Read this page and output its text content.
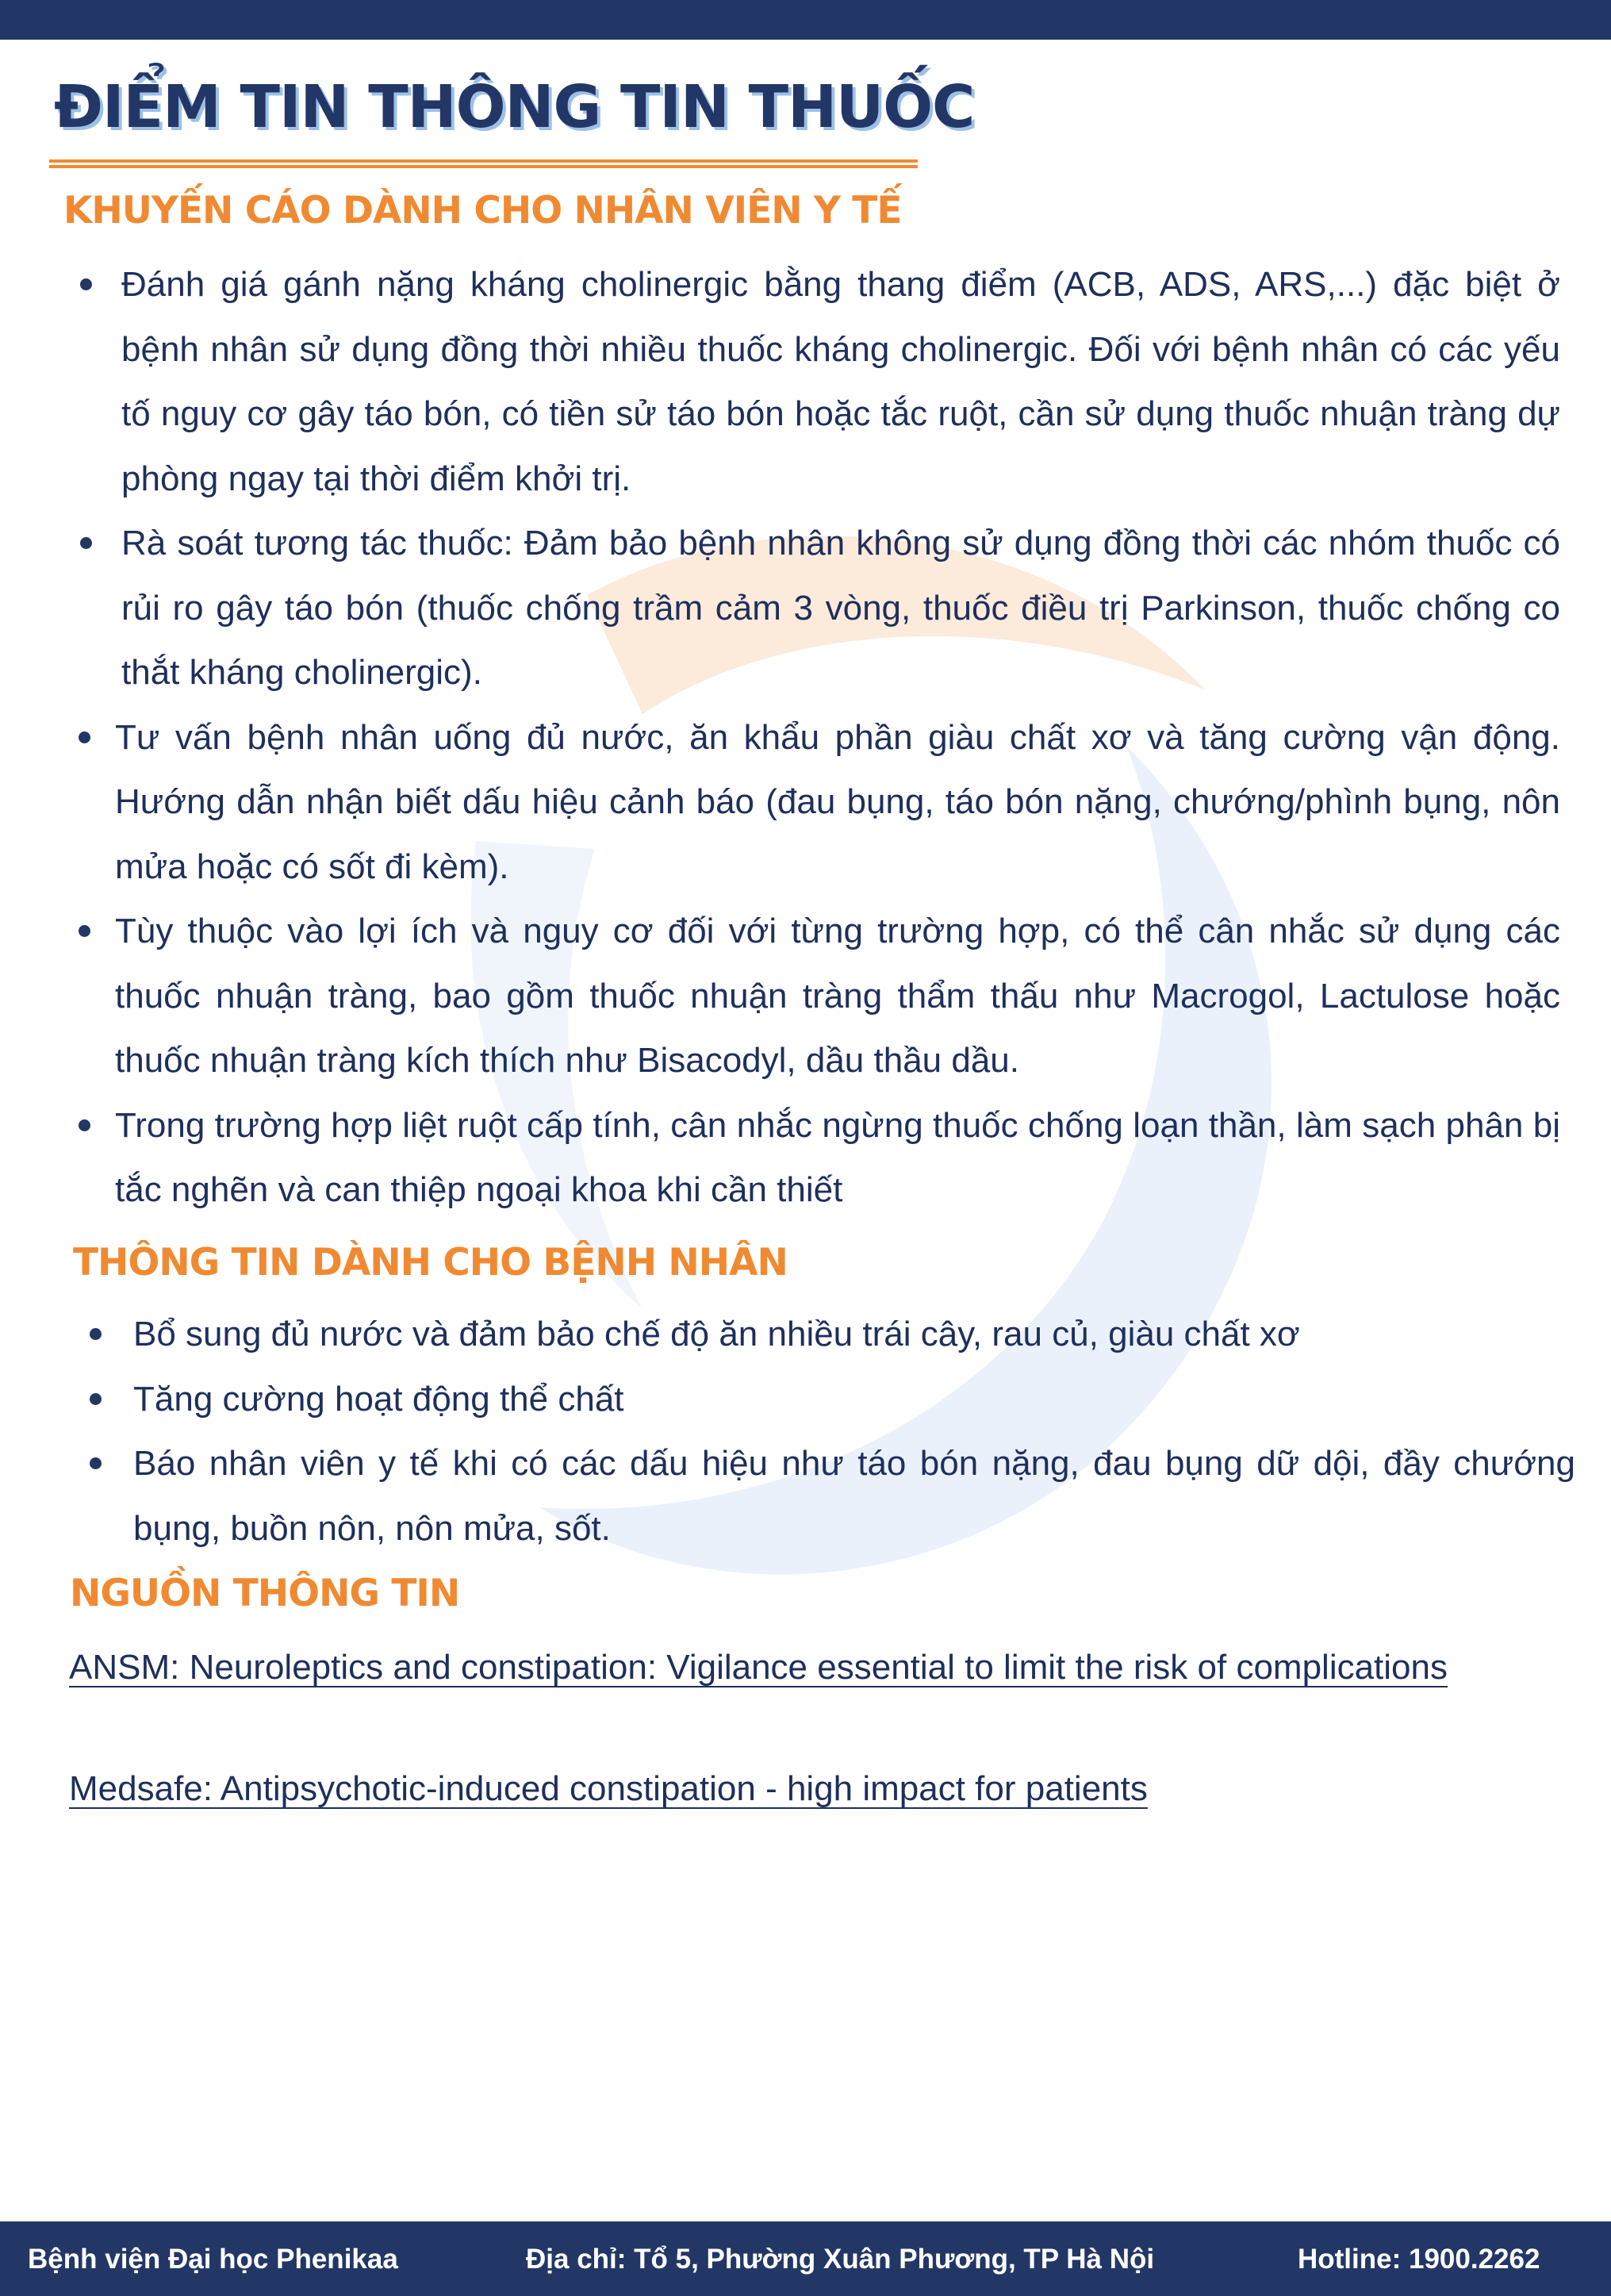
ĐIỂM TIN THÔNG TIN THUỐC
KHUYẾN CÁO DÀNH CHO NHÂN VIÊN Y TẾ
Đánh giá gánh nặng kháng cholinergic bằng thang điểm (ACB, ADS, ARS,...) đặc biệt ở bệnh nhân sử dụng đồng thời nhiều thuốc kháng cholinergic. Đối với bệnh nhân có các yếu tố nguy cơ gây táo bón, có tiền sử táo bón hoặc tắc ruột, cần sử dụng thuốc nhuận tràng dự phòng ngay tại thời điểm khởi trị.
Rà soát tương tác thuốc: Đảm bảo bệnh nhân không sử dụng đồng thời các nhóm thuốc có rủi ro gây táo bón (thuốc chống trầm cảm 3 vòng, thuốc điều trị Parkinson, thuốc chống co thắt kháng cholinergic).
Tư vấn bệnh nhân uống đủ nước, ăn khẩu phần giàu chất xơ và tăng cường vận động. Hướng dẫn nhận biết dấu hiệu cảnh báo (đau bụng, táo bón nặng, chướng/phình bụng, nôn mửa hoặc có sốt đi kèm).
Tùy thuộc vào lợi ích và nguy cơ đối với từng trường hợp, có thể cân nhắc sử dụng các thuốc nhuận tràng, bao gồm thuốc nhuận tràng thẩm thấu như Macrogol, Lactulose hoặc thuốc nhuận tràng kích thích như Bisacodyl, dầu thầu dầu.
Trong trường hợp liệt ruột cấp tính, cân nhắc ngừng thuốc chống loạn thần, làm sạch phân bị tắc nghẽn và can thiệp ngoại khoa khi cần thiết
THÔNG TIN DÀNH CHO BỆNH NHÂN
Bổ sung đủ nước và đảm bảo chế độ ăn nhiều trái cây, rau củ, giàu chất xơ
Tăng cường hoạt động thể chất
Báo nhân viên y tế khi có các dấu hiệu như táo bón nặng, đau bụng dữ dội, đầy chướng bụng, buồn nôn, nôn mửa, sốt.
NGUỒN THÔNG TIN
ANSM: Neuroleptics and constipation: Vigilance essential to limit the risk of complications
Medsafe: Antipsychotic-induced constipation - high impact for patients
Bệnh viện Đại học Phenikaa	Địa chỉ: Tổ 5, Phường Xuân Phương, TP Hà Nội	Hotline: 1900.2262
